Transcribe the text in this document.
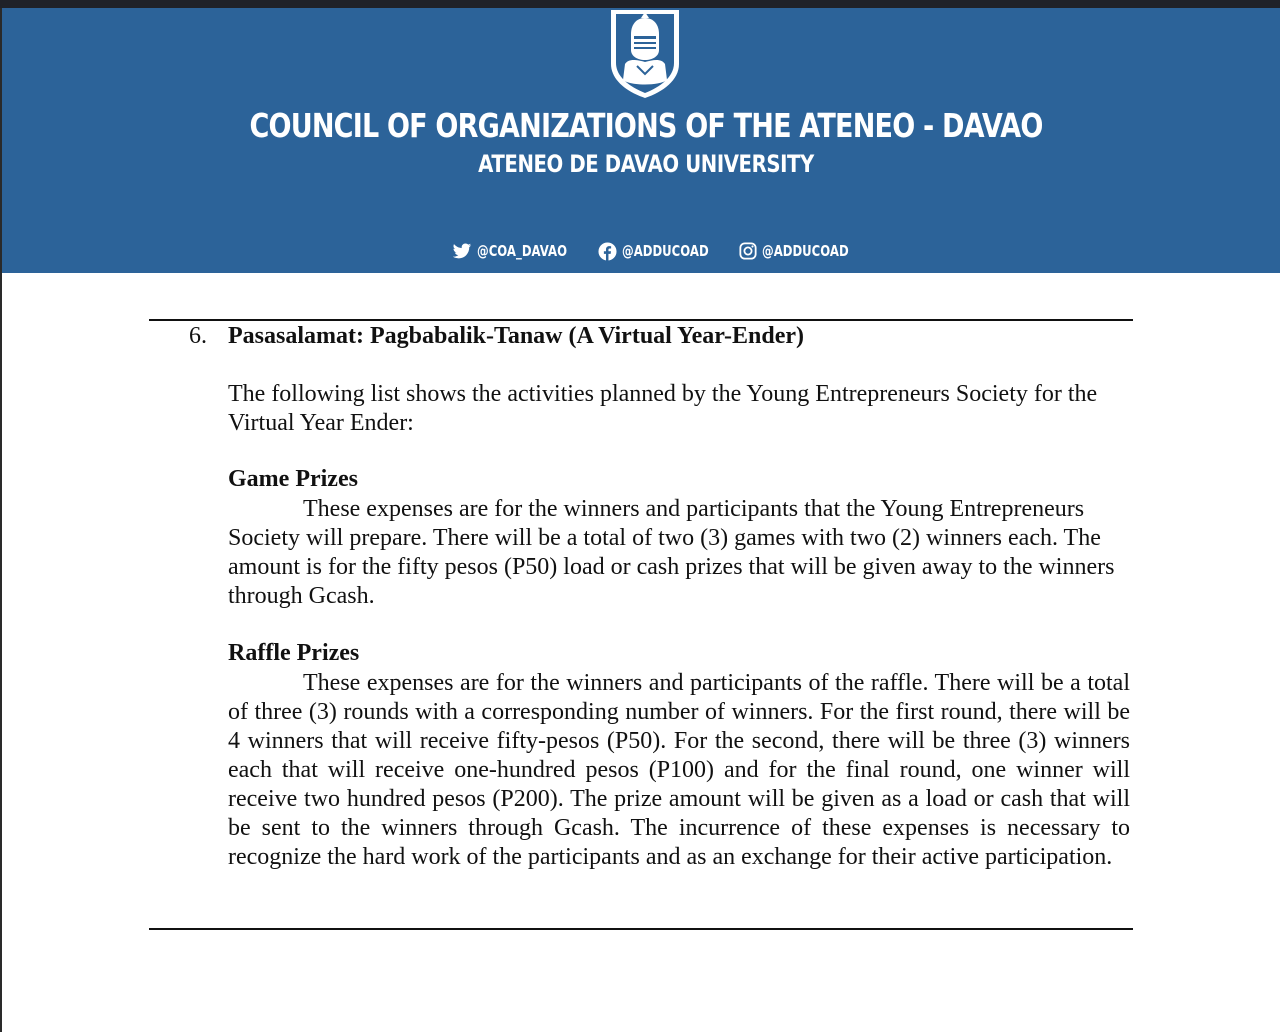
COUNCIL OF ORGANIZATIONS OF THE ATENEO - DAVAO
ATENEO DE DAVAO UNIVERSITY
@COA_DAVAO	@ADDUCOAD	@ADDUCOAD
6. Pasasalamat: Pagbabalik-Tanaw (A Virtual Year-Ender)

The following list shows the activities planned by the Young Entrepreneurs Society for the Virtual Year Ender:

Game Prizes

These expenses are for the winners and participants that the Young Entrepreneurs Society will prepare. There will be a total of two (3) games with two (2) winners each. The amount is for the fifty pesos (P50) load or cash prizes that will be given away to the winners through Gcash.

Raffle Prizes

These expenses are for the winners and participants of the raffle. There will be a total of three (3) rounds with a corresponding number of winners. For the first round, there will be 4 winners that will receive fifty-pesos (P50). For the second, there will be three (3) winners each that will receive one-hundred pesos (P100) and for the final round, one winner will receive two hundred pesos (P200). The prize amount will be given as a load or cash that will be sent to the winners through Gcash. The incurrence of these expenses is necessary to recognize the hard work of the participants and as an exchange for their active participation.
